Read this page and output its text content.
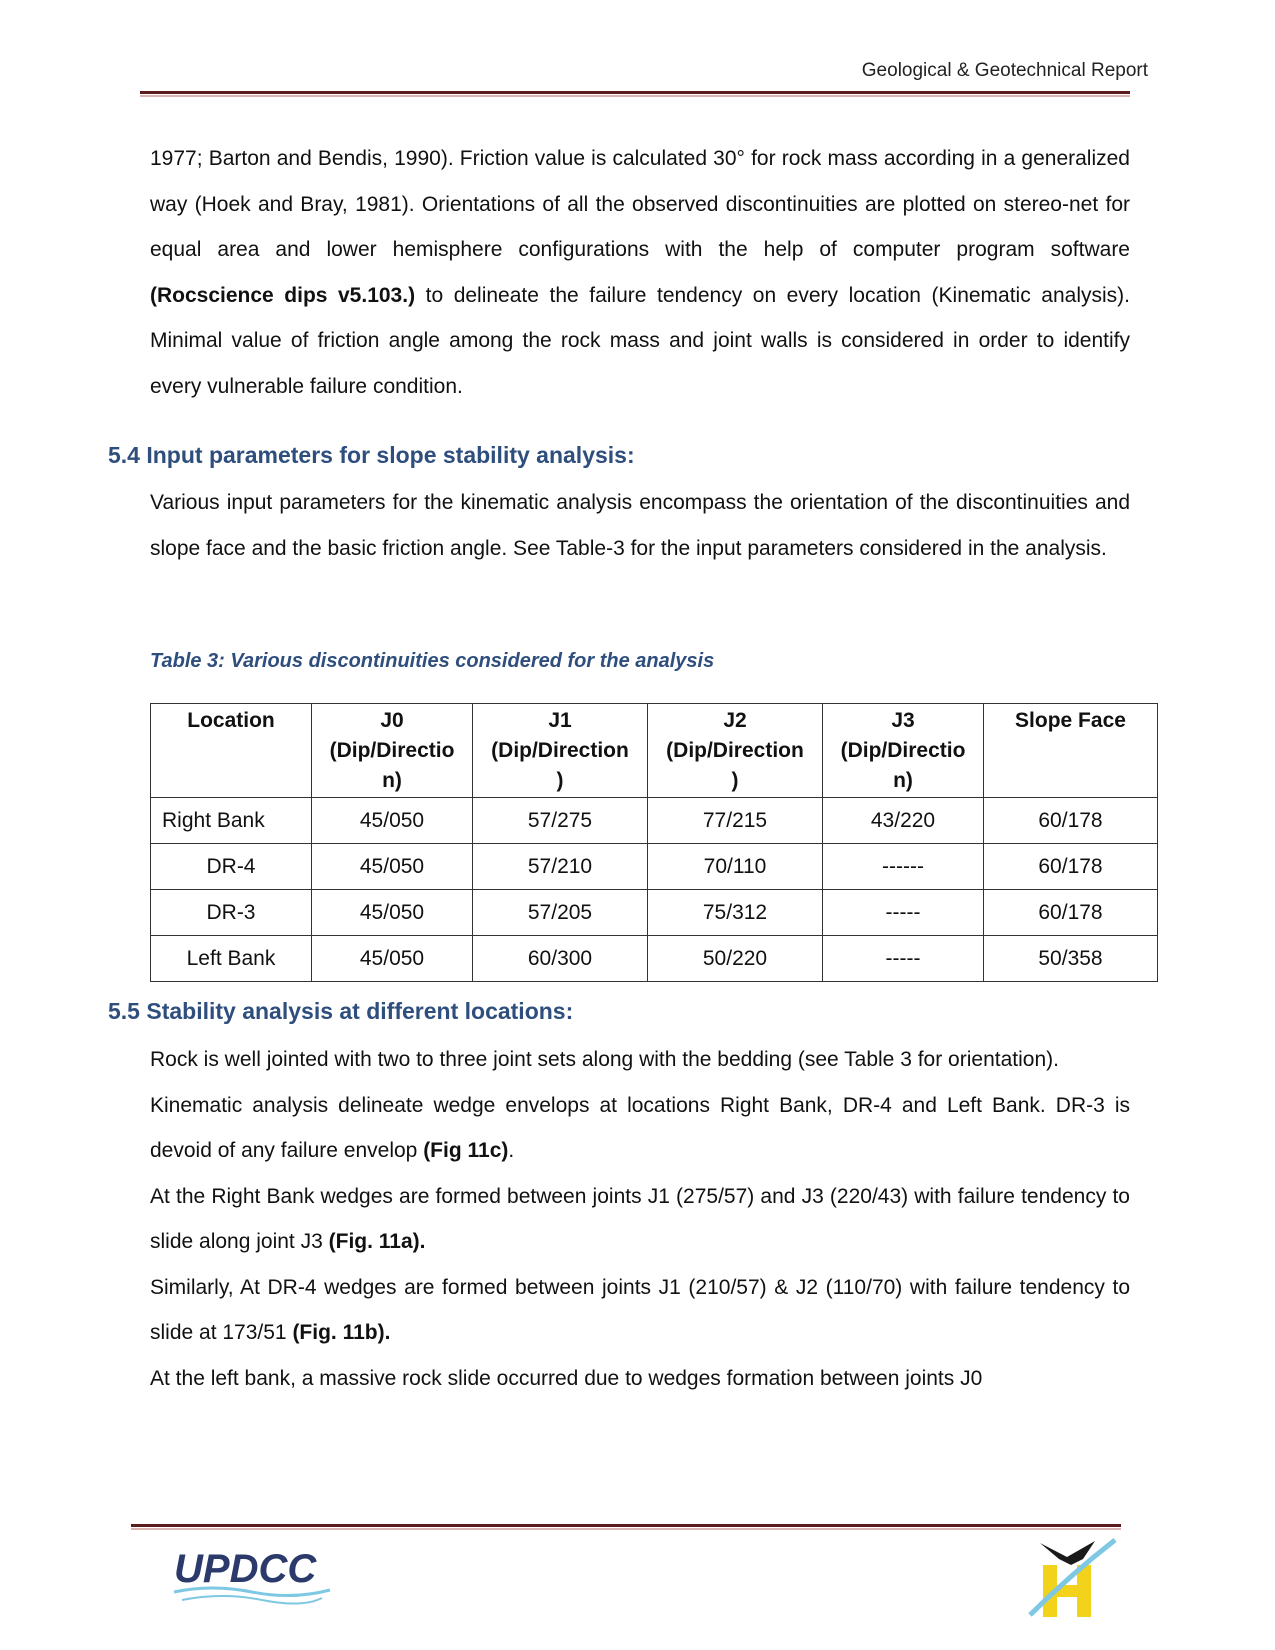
Geological & Geotechnical Report

1977; Barton and Bendis, 1990). Friction value is calculated 30° for rock mass according in a generalized way (Hoek and Bray, 1981). Orientations of all the observed discontinuities are plotted on stereo-net for equal area and lower hemisphere configurations with the help of computer program software (Rocscience dips v5.103.) to delineate the failure tendency on every location (Kinematic analysis). Minimal value of friction angle among the rock mass and joint walls is considered in order to identify every vulnerable failure condition.

5.4 Input parameters for slope stability analysis:

Various input parameters for the kinematic analysis encompass the orientation of the discontinuities and slope face and the basic friction angle. See Table-3 for the input parameters considered in the analysis.

Table 3: Various discontinuities considered for the analysis
Location	J0
(Dip/Directio
n)	J1
(Dip/Direction
)	J2
(Dip/Direction
)	J3
(Dip/Directio
n)	Slope Face
Right Bank	45/050	57/275	77/215	43/220	60/178
DR-4	45/050	57/210	70/110	------	60/178
DR-3	45/050	57/205	75/312	-----	60/178
Left Bank	45/050	60/300	50/220	-----	50/358
5.5 Stability analysis at different locations:

Rock is well jointed with two to three joint sets along with the bedding (see Table 3 for orientation).

Kinematic analysis delineate wedge envelops at locations Right Bank, DR-4 and Left Bank. DR-3 is devoid of any failure envelop (Fig 11c).

At the Right Bank wedges are formed between joints J1 (275/57) and J3 (220/43) with failure tendency to slide along joint J3 (Fig. 11a).

Similarly, At DR-4 wedges are formed between joints J1 (210/57) & J2 (110/70) with failure tendency to slide at 173/51 (Fig. 11b).

At the left bank, a massive rock slide occurred due to wedges formation between joints J0

UPDCC
